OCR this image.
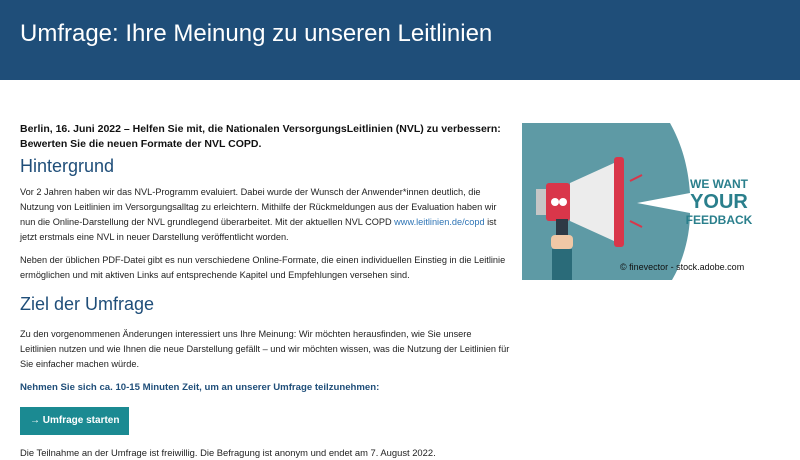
Umfrage: Ihre Meinung zu unseren Leitlinien

Berlin, 16. Juni 2022 – Helfen Sie mit, die Nationalen VersorgungsLeitlinien (NVL) zu verbessern:
Bewerten Sie die neuen Formate der NVL COPD.

Hintergrund

Vor 2 Jahren haben wir das NVL-Programm evaluiert. Dabei wurde der Wunsch der Anwender*innen deutlich, die Nutzung von Leitlinien im Versorgungsalltag zu erleichtern. Mithilfe der Rückmeldungen aus der Evaluation haben wir nun die Online-Darstellung der NVL grundlegend überarbeitet. Mit der aktuellen NVL COPD www.leitlinien.de/copd ist jetzt erstmals eine NVL in neuer Darstellung veröffentlicht worden.

Neben der üblichen PDF-Datei gibt es nun verschiedene Online-Formate, die einen individuellen Einstieg in die Leitlinie ermöglichen und mit aktiven Links auf entsprechende Kapitel und Empfehlungen versehen sind.

Ziel der Umfrage

Zu den vorgenommenen Änderungen interessiert uns Ihre Meinung: Wir möchten herausfinden, wie Sie unsere Leitlinien nutzen und wie Ihnen die neue Darstellung gefällt – und wir möchten wissen, was die Nutzung der Leitlinien für Sie einfacher machen würde.

Nehmen Sie sich ca. 10-15 Minuten Zeit, um an unserer Umfrage teilzunehmen:

→ Umfrage starten

Die Teilnahme an der Umfrage ist freiwillig. Die Befragung ist anonym und endet am 7. August 2022.

WE WANT
YOUR
FEEDBACK
© finevector - stock.adobe.com
